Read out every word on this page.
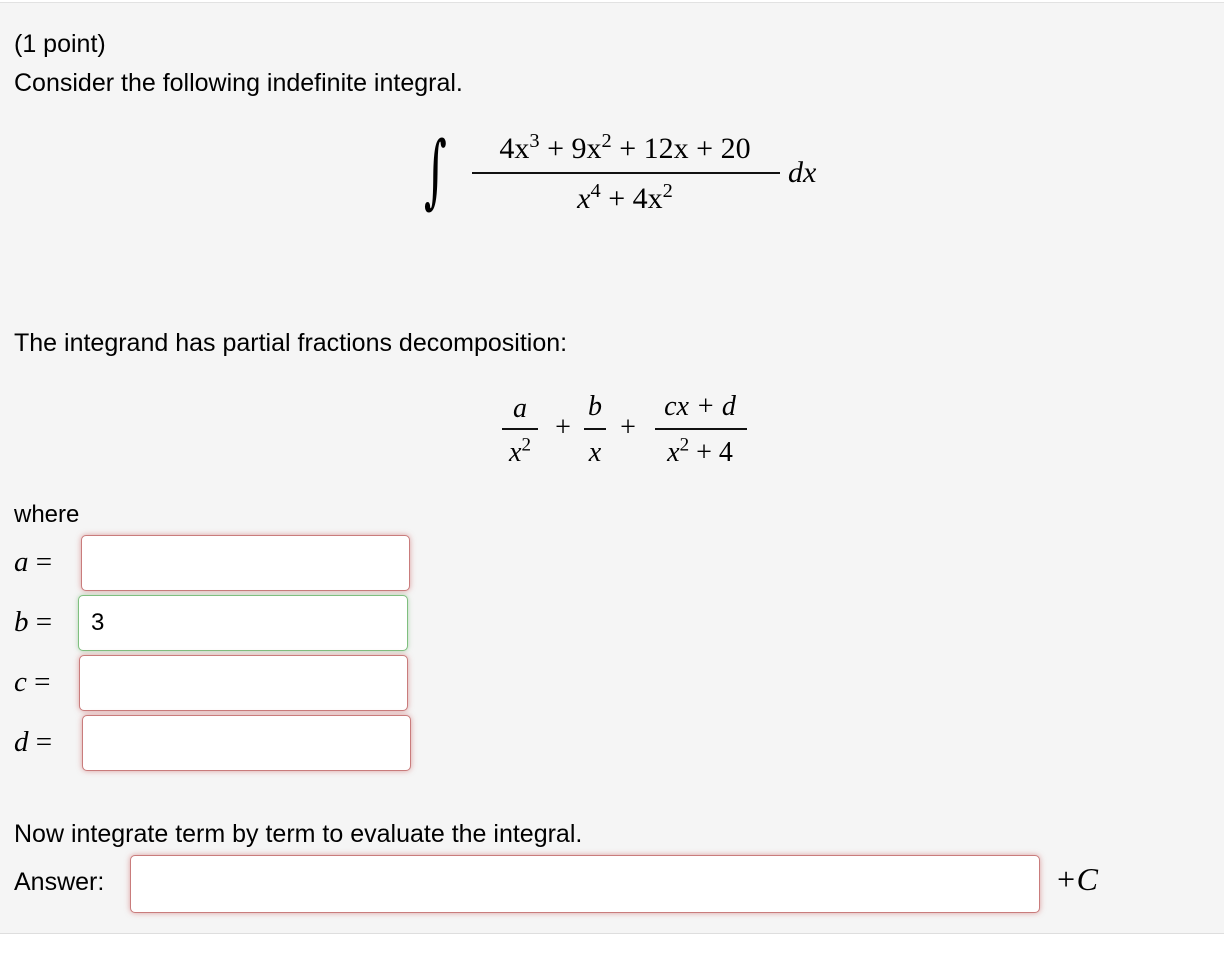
(1 point)
Consider the following indefinite integral.
∫	$4x^3 + 9x^2 + 12x + 20$
$x^4 + 4x^2$
dx
The integrand has partial fractions decomposition:
a
$x^2$
+
b
x
+
cx + d
$x^2 + 4$
where
a =
b =
3
c =
d =
Now integrate term by term to evaluate the integral.
Answer:	+C
